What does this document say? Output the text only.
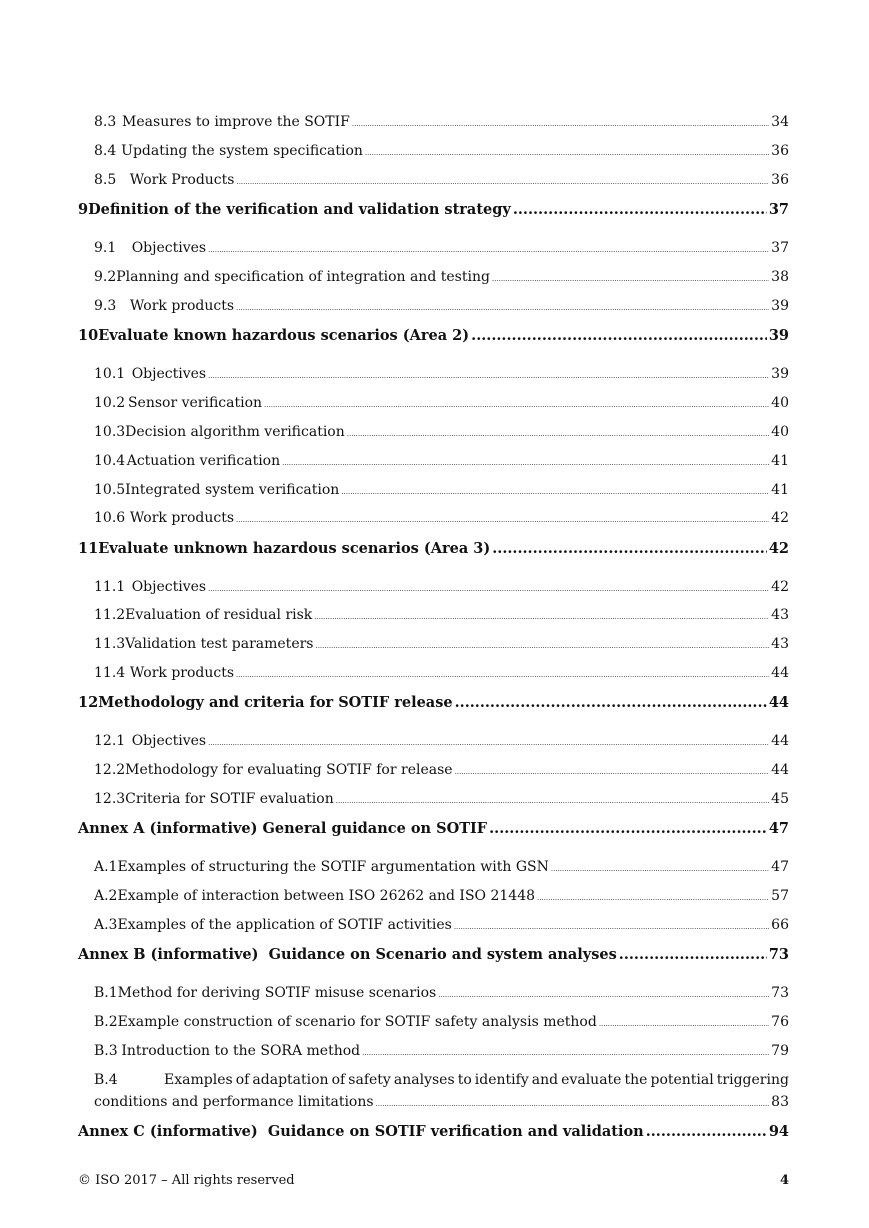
8.3 Measures to improve the SOTIF .....	34
8.4 Updating the system specification .....	36
8.5 Work Products .....	36
9 Definition of the verification and validation strategy .....	37
9.1	Objectives .....	37
9.2 Planning and specification of integration and testing .....	38
9.3 Work products .....	39
10 Evaluate known hazardous scenarios (Area 2) .....	39
10.1 Objectives .....	39
10.2 Sensor verification .....	40
10.3 Decision algorithm verification .....	40
10.4 Actuation verification .....	41
10.5 Integrated system verification .....	41
10.6 Work products .....	42
11 Evaluate unknown hazardous scenarios (Area 3) .....	42
11.1 Objectives .....	42
11.2 Evaluation of residual risk .....	43
11.3 Validation test parameters .....	43
11.4 Work products .....	44
12 Methodology and criteria for SOTIF release .....	44
12.1 Objectives .....	44
12.2 Methodology for evaluating SOTIF for release .....	44
12.3 Criteria for SOTIF evaluation .....	45
Annex A (informative) General guidance on SOTIF .....	47
A.1 Examples of structuring the SOTIF argumentation with GSN .....	47
A.2 Example of interaction between ISO 26262 and ISO 21448 .....	57
A.3 Examples of the application of SOTIF activities .....	66
Annex B (informative)  Guidance on Scenario and system analyses .....	73
B.1 Method for deriving SOTIF misuse scenarios .....	73
B.2 Example construction of scenario for SOTIF safety analysis method .....	76
B.3 Introduction to the SORA method .....	79
B.4	Examples of adaptation of safety analyses to identify and evaluate the potential triggering
conditions and performance limitations .....	83
Annex C (informative)  Guidance on SOTIF verification and validation .....	94
© ISO 2017 – All rights reserved	4
